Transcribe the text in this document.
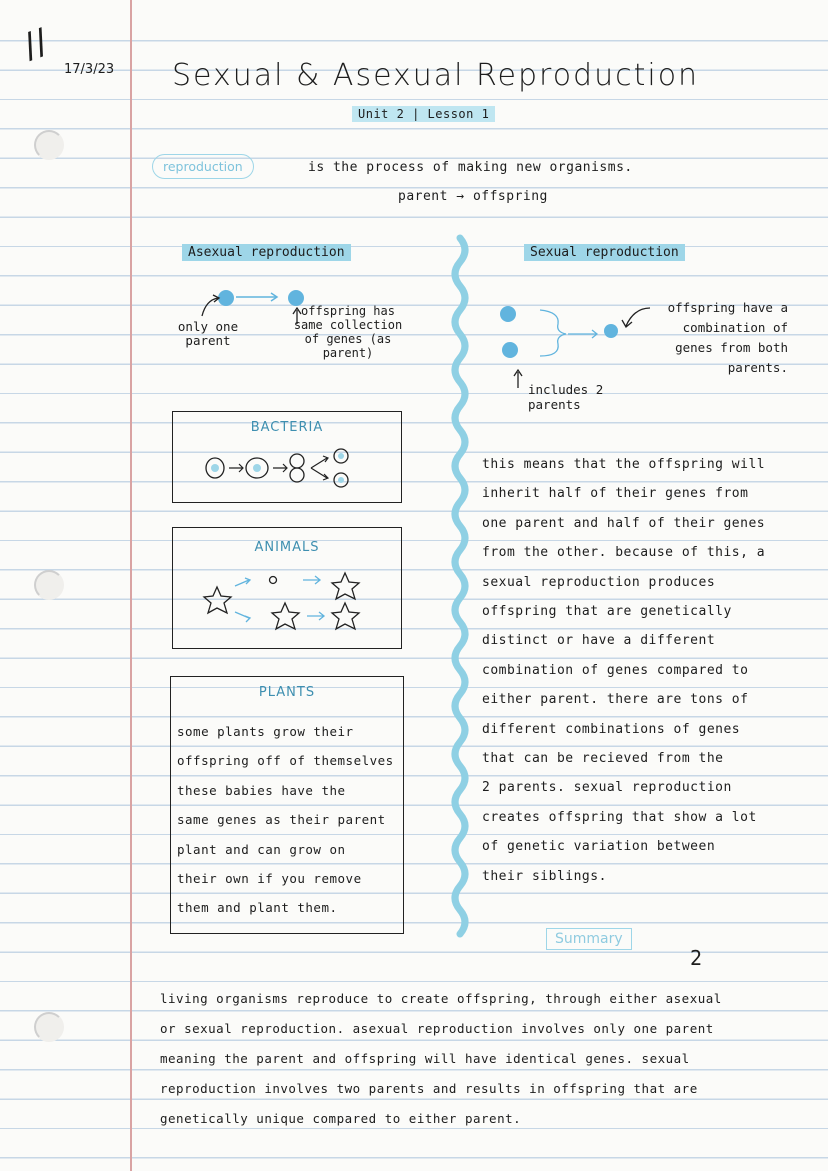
//
17/3/23 Sexual & Asexual Reproduction
Unit 2 | Lesson 1
reproduction	is the process of making new organisms.
parent → offspring
Asexual reproduction
only one parent
offspring has same collection of genes (as parent)
BACTERIA
ANIMALS
PLANTS
some plants grow their
offspring off of themselves
these babies have the
same genes as their parent
plant and can grow on
their own if you remove
them and plant them.
Sexual reproduction
offspring have a combination of genes from both parents.
includes 2 parents
this means that the offspring will
inherit half of their genes from
one parent and half of their genes
from the other. because of this, a
sexual reproduction produces
offspring that are genetically
distinct or have a different
combination of genes compared to
either parent. there are tons of
different combinations of genes
that can be recieved from the
2 parents. sexual reproduction
creates offspring that show a lot
of genetic variation between
their siblings.
Summary
2
living organisms reproduce to create offspring, through either asexual
or sexual reproduction. asexual reproduction involves only one parent
meaning the parent and offspring will have identical genes. sexual
reproduction involves two parents and results in offspring that are
genetically unique compared to either parent.
